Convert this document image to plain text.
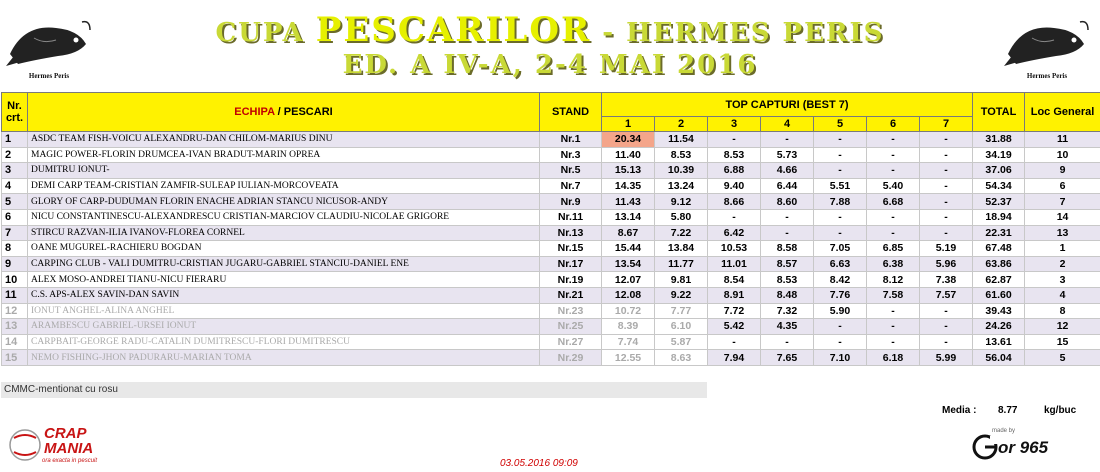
Hermes Peris
CUPA PESCARILOR - HERMES PERIS
ED. A IV-A, 2-4 MAI 2016	Hermes Peris
Nr. crt.	ECHIPA / PESCARI	STAND	TOP CAPTURI (BEST 7)							TOTAL	Loc General
			1	2	3	4	5	6	7		
1	ASDC TEAM FISH-VOICU ALEXANDRU-DAN CHILOM-MARIUS DINU	Nr.1	20.34	11.54	-	-	-	-	-	31.88	11
2	MAGIC POWER-FLORIN DRUMCEA-IVAN BRADUT-MARIN OPREA	Nr.3	11.40	8.53	8.53	5.73	-	-	-	34.19	10
3	DUMITRU IONUT-	Nr.5	15.13	10.39	6.88	4.66	-	-	-	37.06	9
4	DEMI CARP TEAM-CRISTIAN ZAMFIR-SULEAP IULIAN-MORCOVEATA	Nr.7	14.35	13.24	9.40	6.44	5.51	5.40	-	54.34	6
5	GLORY OF CARP-DUDUMAN FLORIN ENACHE ADRIAN STANCU NICUSOR-ANDY	Nr.9	11.43	9.12	8.66	8.60	7.88	6.68	-	52.37	7
6	NICU CONSTANTINESCU-ALEXANDRESCU CRISTIAN-MARCIOV CLAUDIU-NICOLAE GRIGORE	Nr.11	13.14	5.80	-	-	-	-	-	18.94	14
7	STIRCU RAZVAN-ILIA IVANOV-FLOREA CORNEL	Nr.13	8.67	7.22	6.42	-	-	-	-	22.31	13
8	OANE MUGUREL-RACHIERU BOGDAN	Nr.15	15.44	13.84	10.53	8.58	7.05	6.85	5.19	67.48	1
9	CARPING CLUB - VALI DUMITRU-CRISTIAN JUGARU-GABRIEL STANCIU-DANIEL ENE	Nr.17	13.54	11.77	11.01	8.57	6.63	6.38	5.96	63.86	2
10	ALEX MOSO-ANDREI TIANU-NICU FIERARU	Nr.19	12.07	9.81	8.54	8.53	8.42	8.12	7.38	62.87	3
11	C.S. APS-ALEX SAVIN-DAN SAVIN	Nr.21	12.08	9.22	8.91	8.48	7.76	7.58	7.57	61.60	4
12	IONUT ANGHEL-ALINA ANGHEL	Nr.23	10.72	7.77	7.72	7.32	5.90	-	-	39.43	8
13	ARAMBESCU GABRIEL-URSEI IONUT	Nr.25	8.39	6.10	5.42	4.35	-	-	-	24.26	12
14	CARPBAIT-GEORGE RADU-CATALIN DUMITRESCU-FLORI DUMITRESCU	Nr.27	7.74	5.87	-	-	-	-	-	13.61	15
15	NEMO FISHING-JHON PADURARU-MARIAN TOMA	Nr.29	12.55	8.63	7.94	7.65	7.10	6.18	5.99	56.04	5
CMMC-mentionat cu rosu
Media : 8.77	kg/buc
CRAP
MANIA
ora exacta in pescuit	03.05.2016 09:09
made by
or 965
